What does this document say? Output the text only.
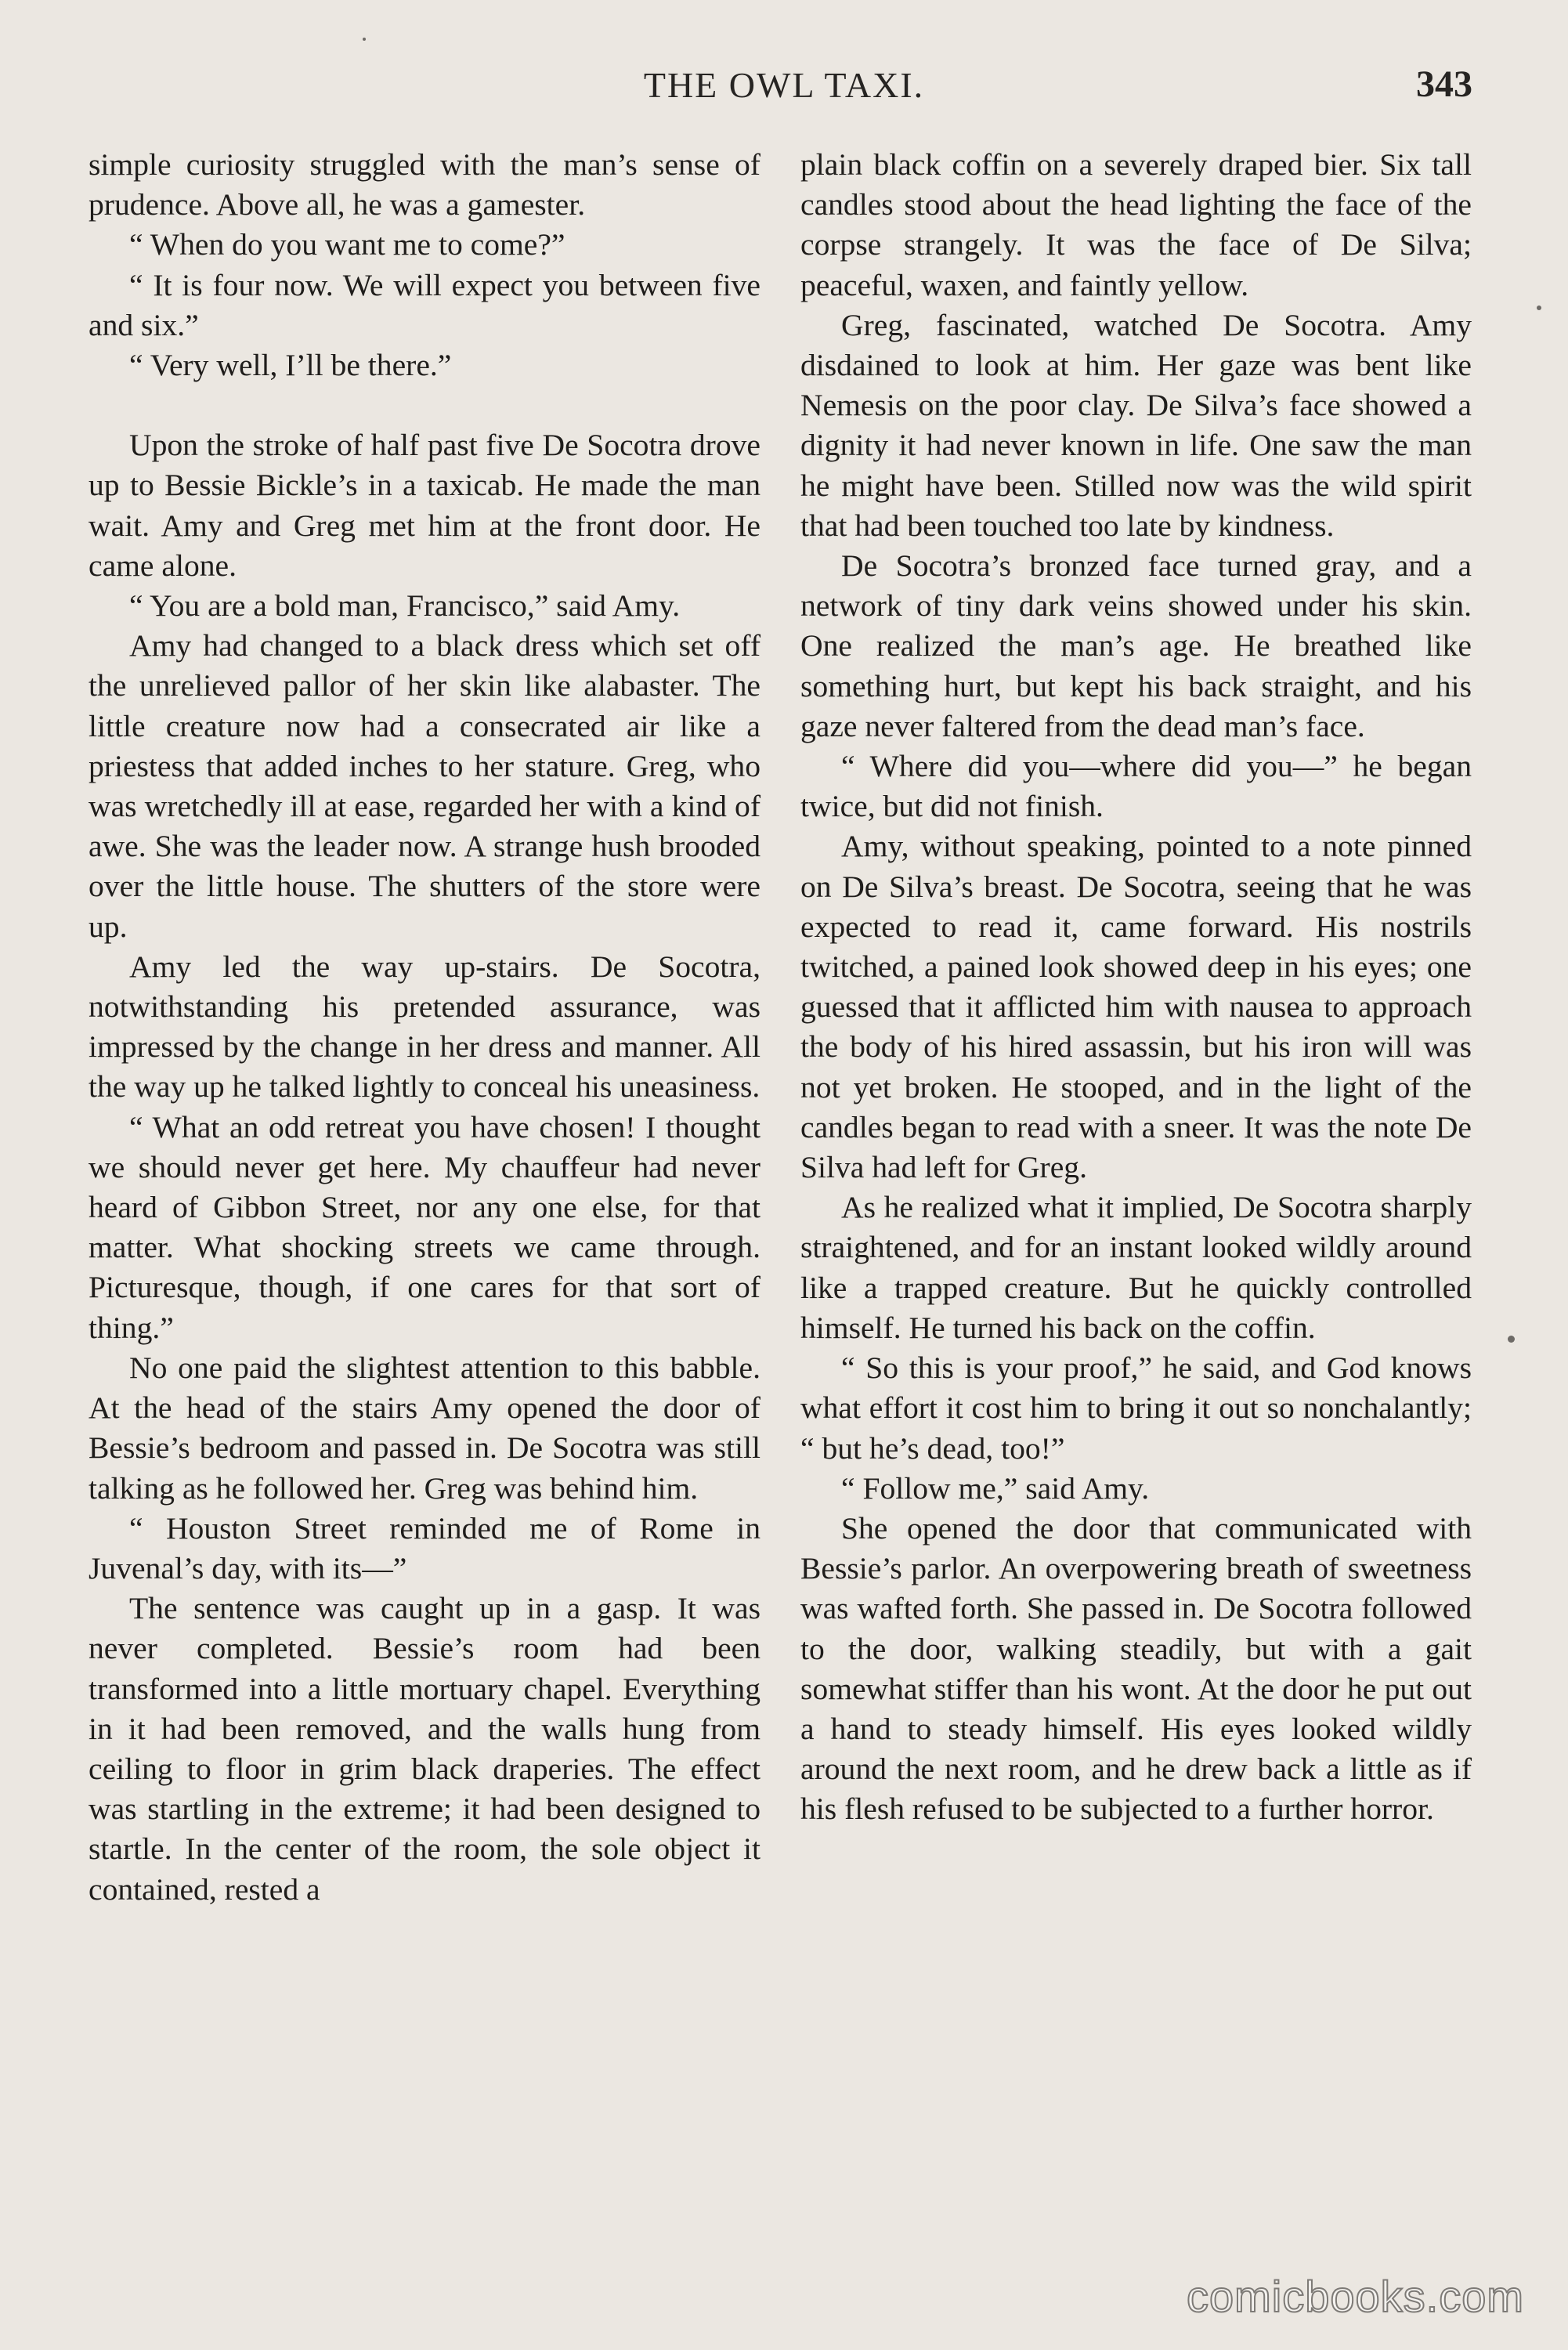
THE OWL TAXI.	343

simple curiosity struggled with the man’s sense of prudence. Above all, he was a gamester.

“ When do you want me to come?”

“ It is four now. We will expect you between five and six.”

“ Very well, I’ll be there.”

Upon the stroke of half past five De Socotra drove up to Bessie Bickle’s in a taxicab. He made the man wait. Amy and Greg met him at the front door. He came alone.

“ You are a bold man, Francisco,” said Amy.

Amy had changed to a black dress which set off the unrelieved pallor of her skin like alabaster. The little creature now had a consecrated air like a priestess that added inches to her stature. Greg, who was wretchedly ill at ease, regarded her with a kind of awe. She was the leader now. A strange hush brooded over the little house. The shutters of the store were up.

Amy led the way up-stairs. De Socotra, notwithstanding his pretended assurance, was impressed by the change in her dress and manner. All the way up he talked lightly to conceal his uneasiness.

“ What an odd retreat you have chosen! I thought we should never get here. My chauffeur had never heard of Gibbon Street, nor any one else, for that matter. What shocking streets we came through. Picturesque, though, if one cares for that sort of thing.”

No one paid the slightest attention to this babble. At the head of the stairs Amy opened the door of Bessie’s bedroom and passed in. De Socotra was still talking as he followed her. Greg was behind him.

“ Houston Street reminded me of Rome in Juvenal’s day, with its—”

The sentence was caught up in a gasp. It was never completed. Bessie’s room had been transformed into a little mortuary chapel. Everything in it had been removed, and the walls hung from ceiling to floor in grim black draperies. The effect was startling in the extreme; it had been designed to startle. In the center of the room, the sole object it contained, rested a

plain black coffin on a severely draped bier. Six tall candles stood about the head lighting the face of the corpse strangely. It was the face of De Silva; peaceful, waxen, and faintly yellow.

Greg, fascinated, watched De Socotra. Amy disdained to look at him. Her gaze was bent like Nemesis on the poor clay. De Silva’s face showed a dignity it had never known in life. One saw the man he might have been. Stilled now was the wild spirit that had been touched too late by kindness.

De Socotra’s bronzed face turned gray, and a network of tiny dark veins showed under his skin. One realized the man’s age. He breathed like something hurt, but kept his back straight, and his gaze never faltered from the dead man’s face.

“ Where did you—where did you—” he began twice, but did not finish.

Amy, without speaking, pointed to a note pinned on De Silva’s breast. De Socotra, seeing that he was expected to read it, came forward. His nostrils twitched, a pained look showed deep in his eyes; one guessed that it afflicted him with nausea to approach the body of his hired assassin, but his iron will was not yet broken. He stooped, and in the light of the candles began to read with a sneer. It was the note De Silva had left for Greg.

As he realized what it implied, De Socotra sharply straightened, and for an instant looked wildly around like a trapped creature. But he quickly controlled himself. He turned his back on the coffin.

“ So this is your proof,” he said, and God knows what effort it cost him to bring it out so nonchalantly; “ but he’s dead, too!”

“ Follow me,” said Amy.

She opened the door that communicated with Bessie’s parlor. An overpowering breath of sweetness was wafted forth. She passed in. De Socotra followed to the door, walking steadily, but with a gait somewhat stiffer than his wont. At the door he put out a hand to steady himself. His eyes looked wildly around the next room, and he drew back a little as if his flesh refused to be subjected to a further horror.

comicbooks.com
